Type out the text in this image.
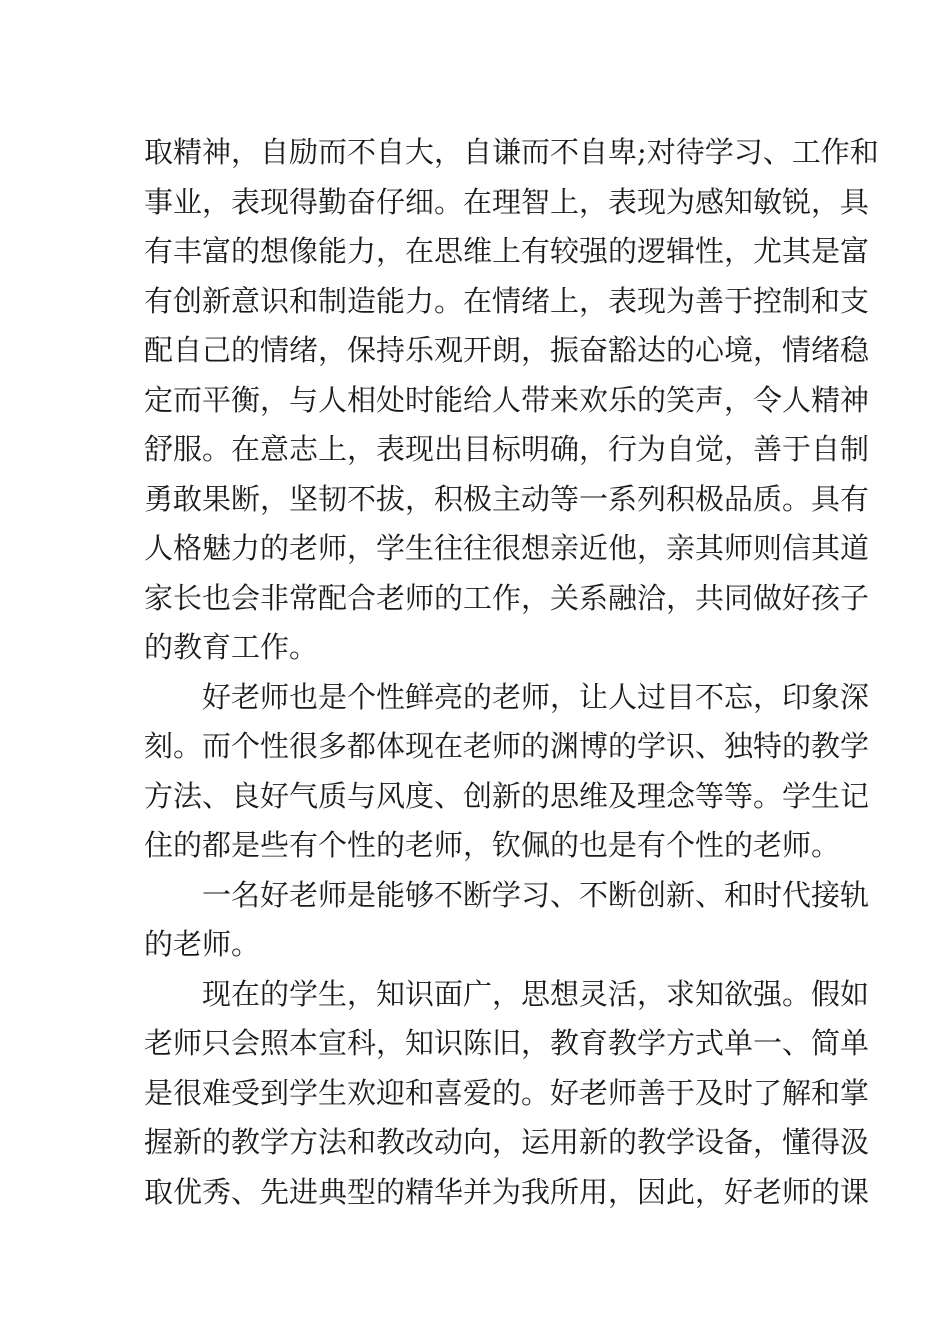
取精神，自励而不自大，自谦而不自卑;对待学习、工作和
事业，表现得勤奋仔细。在理智上，表现为感知敏锐，具
有丰富的想像能力，在思维上有较强的逻辑性，尤其是富
有创新意识和制造能力。在情绪上，表现为善于控制和支
配自己的情绪，保持乐观开朗，振奋豁达的心境，情绪稳
定而平衡，与人相处时能给人带来欢乐的笑声，令人精神
舒服。在意志上，表现出目标明确，行为自觉，善于自制
勇敢果断，坚韧不拔，积极主动等一系列积极品质。具有
人格魅力的老师，学生往往很想亲近他，亲其师则信其道
家长也会非常配合老师的工作，关系融洽，共同做好孩子
的教育工作。
好老师也是个性鲜亮的老师，让人过目不忘，印象深
刻。而个性很多都体现在老师的渊博的学识、独特的教学
方法、良好气质与风度、创新的思维及理念等等。学生记
住的都是些有个性的老师，钦佩的也是有个性的老师。
一名好老师是能够不断学习、不断创新、和时代接轨
的老师。
现在的学生，知识面广，思想灵活，求知欲强。假如
老师只会照本宣科，知识陈旧，教育教学方式单一、简单
是很难受到学生欢迎和喜爱的。好老师善于及时了解和掌
握新的教学方法和教改动向，运用新的教学设备，懂得汲
取优秀、先进典型的精华并为我所用，因此，好老师的课
